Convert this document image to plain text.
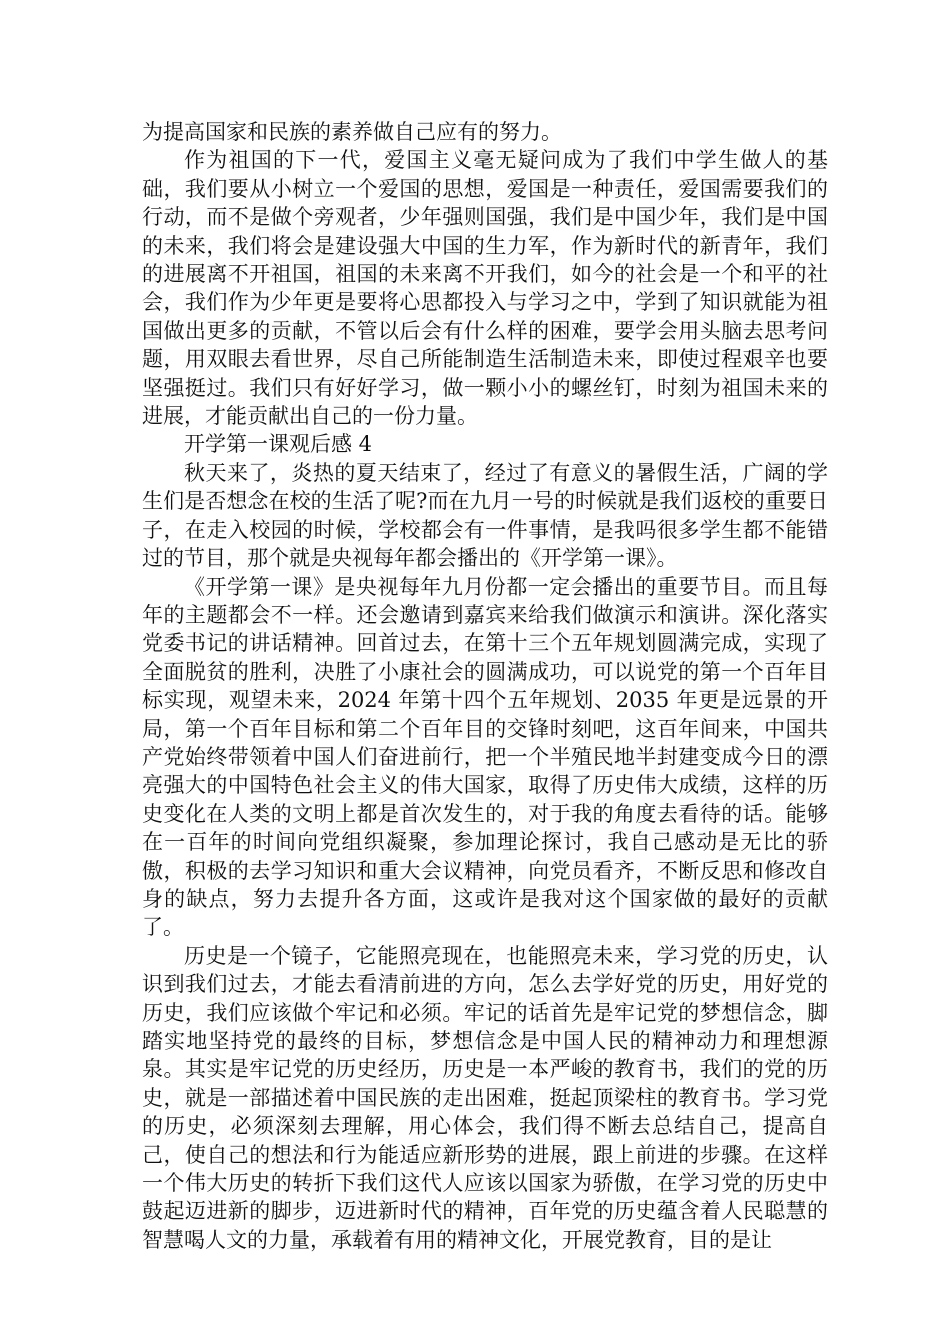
为提高国家和民族的素养做自己应有的努力。

作为祖国的下一代，爱国主义毫无疑问成为了我们中学生做人的基础，我们要从小树立一个爱国的思想，爱国是一种责任，爱国需要我们的行动，而不是做个旁观者，少年强则国强，我们是中国少年，我们是中国的未来，我们将会是建设强大中国的生力军，作为新时代的新青年，我们的进展离不开祖国，祖国的未来离不开我们，如今的社会是一个和平的社会，我们作为少年更是要将心思都投入与学习之中，学到了知识就能为祖国做出更多的贡献，不管以后会有什么样的困难，要学会用头脑去思考问题，用双眼去看世界，尽自己所能制造生活制造未来，即使过程艰辛也要坚强挺过。我们只有好好学习，做一颗小小的螺丝钉，时刻为祖国未来的进展，才能贡献出自己的一份力量。

开学第一课观后感 4

秋天来了，炎热的夏天结束了，经过了有意义的暑假生活，广阔的学生们是否想念在校的生活了呢?而在九月一号的时候就是我们返校的重要日子，在走入校园的时候，学校都会有一件事情，是我吗很多学生都不能错过的节目，那个就是央视每年都会播出的《开学第一课》。

《开学第一课》是央视每年九月份都一定会播出的重要节目。而且每年的主题都会不一样。还会邀请到嘉宾来给我们做演示和演讲。深化落实党委书记的讲话精神。回首过去，在第十三个五年规划圆满完成，实现了全面脱贫的胜利，决胜了小康社会的圆满成功，可以说党的第一个百年目标实现，观望未来，2024 年第十四个五年规划、2035 年更是远景的开局，第一个百年目标和第二个百年目的交锋时刻吧，这百年间来，中国共产党始终带领着中国人们奋进前行，把一个半殖民地半封建变成今日的漂亮强大的中国特色社会主义的伟大国家，取得了历史伟大成绩，这样的历史变化在人类的文明上都是首次发生的，对于我的角度去看待的话。能够在一百年的时间向党组织凝聚，参加理论探讨，我自己感动是无比的骄傲，积极的去学习知识和重大会议精神，向党员看齐，不断反思和修改自身的缺点，努力去提升各方面，这或许是我对这个国家做的最好的贡献了。

历史是一个镜子，它能照亮现在，也能照亮未来，学习党的历史，认识到我们过去，才能去看清前进的方向，怎么去学好党的历史，用好党的历史，我们应该做个牢记和必须。牢记的话首先是牢记党的梦想信念，脚踏实地坚持党的最终的目标，梦想信念是中国人民的精神动力和理想源泉。其实是牢记党的历史经历，历史是一本严峻的教育书，我们的党的历史，就是一部描述着中国民族的走出困难，挺起顶梁柱的教育书。学习党的历史，必须深刻去理解，用心体会，我们得不断去总结自己，提高自己，使自己的想法和行为能适应新形势的进展，跟上前进的步骤。在这样一个伟大历史的转折下我们这代人应该以国家为骄傲，在学习党的历史中鼓起迈进新的脚步，迈进新时代的精神，百年党的历史蕴含着人民聪慧的智慧喝人文的力量，承载着有用的精神文化，开展党教育，目的是让
